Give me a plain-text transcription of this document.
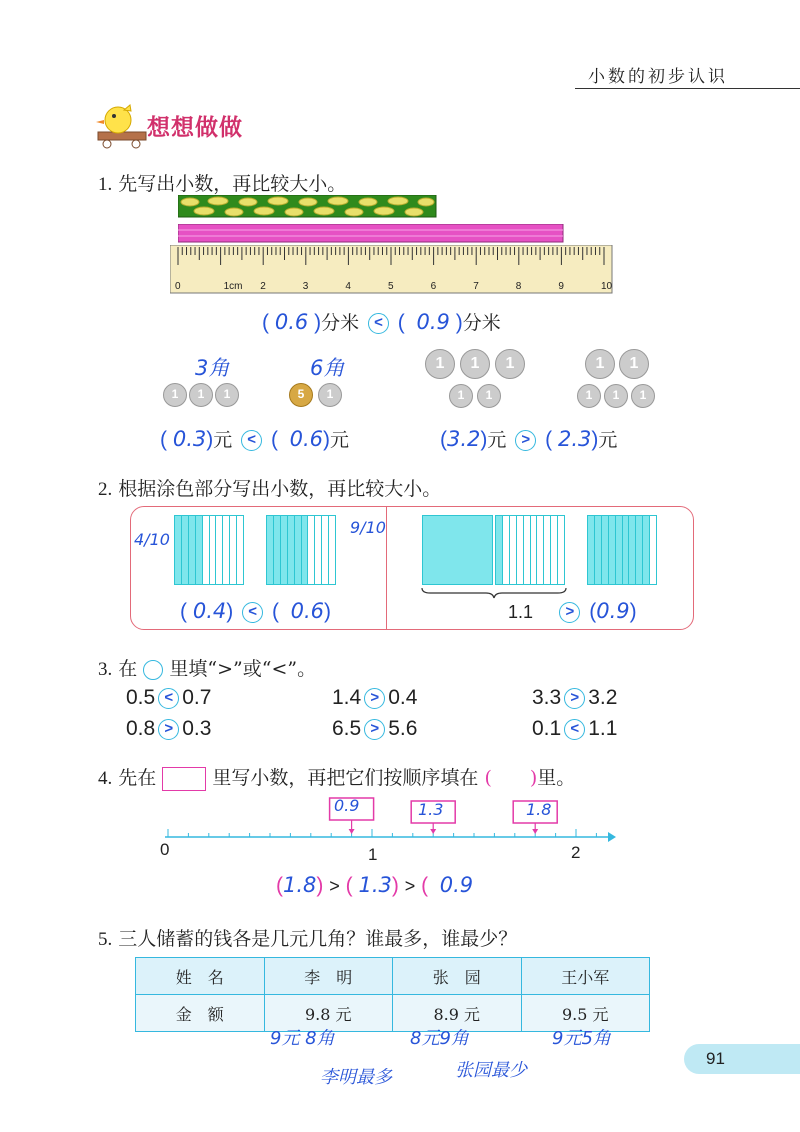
小数的初步认识
想想做做
1. 先写出小数，再比较大小。
0	1cm 2	3	4	5	6	7	8	9	10
( 0.6 )分米 < ( 0.9 )分米
3角
1	1	1
6角
5	1
1	1	1
1	1
1	1
1	1	1
( 0.3)元 < ( 0.6)元	(3.2)元 > ( 2.3)元
2. 根据涂色部分写出小数，再比较大小。
4/10
9/10
( 0.4) < ( 0.6)	1.1 > (0.9)
3. 在 里填“>”或“<”。
0.5 < 0.7	1.4 > 0.4	3.3 > 3.2
0.8 > 0.3	6.5 > 5.6	0.1 < 1.1
4. 先在	里写小数，再把它们按顺序填在 (　　)里。
0	1	2
0.9	1.3	1.8
(1.8) > ( 1.3) > ( 0.9
5. 三人储蓄的钱各是几元几角？谁最多，谁最少？
姓　名	李　明	张　园	王小军
金　额	9.8 元	8.9 元	9.5 元
9元 8角	8元9角	9元5角
李明最多	张园最少
91
